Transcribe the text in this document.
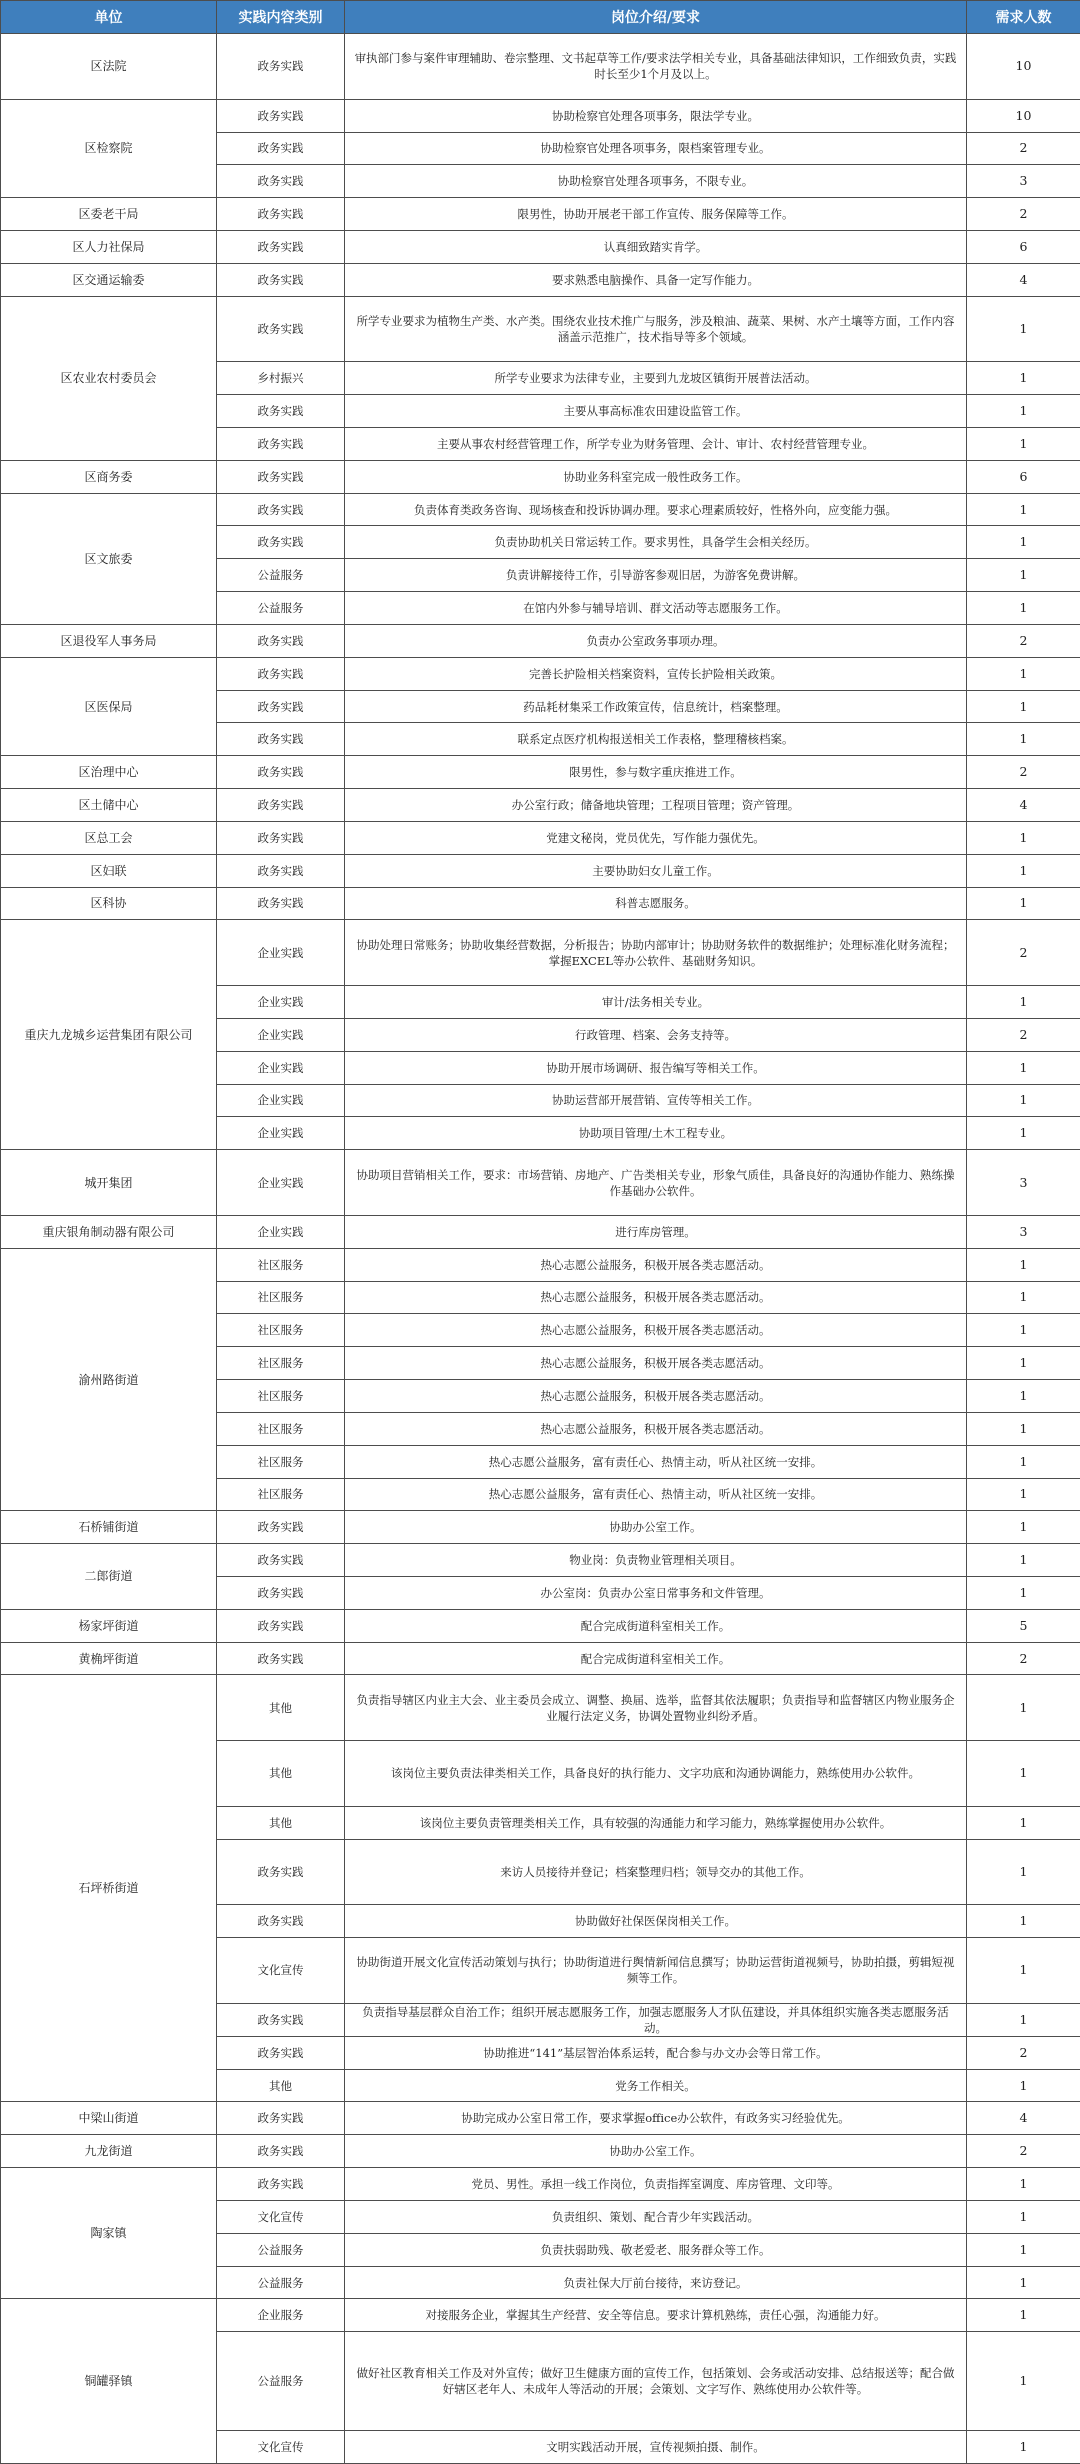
单位	实践内容类别	岗位介绍/要求	需求人数
区法院	政务实践	审执部门参与案件审理辅助、卷宗整理、文书起草等工作/要求法学相关专业，具备基础法律知识，工作细致负责，实践时长至少1个月及以上。	10
区检察院	政务实践	协助检察官处理各项事务，限法学专业。	10
	政务实践	协助检察官处理各项事务，限档案管理专业。	2
	政务实践	协助检察官处理各项事务，不限专业。	3
区委老干局	政务实践	限男性，协助开展老干部工作宣传、服务保障等工作。	2
区人力社保局	政务实践	认真细致踏实肯学。	6
区交通运输委	政务实践	要求熟悉电脑操作、具备一定写作能力。	4
区农业农村委员会	政务实践	所学专业要求为植物生产类、水产类。围绕农业技术推广与服务，涉及粮油、蔬菜、果树、水产土壤等方面，工作内容涵盖示范推广，技术指导等多个领域。	1
	乡村振兴	所学专业要求为法律专业，主要到九龙坡区镇街开展普法活动。	1
	政务实践	主要从事高标准农田建设监管工作。	1
	政务实践	主要从事农村经营管理工作，所学专业为财务管理、会计、审计、农村经营管理专业。	1
区商务委	政务实践	协助业务科室完成一般性政务工作。	6
区文旅委	政务实践	负责体育类政务咨询、现场核查和投诉协调办理。要求心理素质较好，性格外向，应变能力强。	1
	政务实践	负责协助机关日常运转工作。要求男性，具备学生会相关经历。	1
	公益服务	负责讲解接待工作，引导游客参观旧居，为游客免费讲解。	1
	公益服务	在馆内外参与辅导培训、群文活动等志愿服务工作。	1
区退役军人事务局	政务实践	负责办公室政务事项办理。	2
区医保局	政务实践	完善长护险相关档案资料，宣传长护险相关政策。	1
	政务实践	药品耗材集采工作政策宣传，信息统计，档案整理。	1
	政务实践	联系定点医疗机构报送相关工作表格，整理稽核档案。	1
区治理中心	政务实践	限男性，参与数字重庆推进工作。	2
区土储中心	政务实践	办公室行政；储备地块管理；工程项目管理；资产管理。	4
区总工会	政务实践	党建文秘岗，党员优先，写作能力强优先。	1
区妇联	政务实践	主要协助妇女儿童工作。	1
区科协	政务实践	科普志愿服务。	1
重庆九龙城乡运营集团有限公司	企业实践	协助处理日常账务；协助收集经营数据，分析报告；协助内部审计；协助财务软件的数据维护；处理标准化财务流程；掌握EXCEL等办公软件、基础财务知识。	2
	企业实践	审计/法务相关专业。	1
	企业实践	行政管理、档案、会务支持等。	2
	企业实践	协助开展市场调研、报告编写等相关工作。	1
	企业实践	协助运营部开展营销、宣传等相关工作。	1
	企业实践	协助项目管理/土木工程专业。	1
城开集团	企业实践	协助项目营销相关工作，要求：市场营销、房地产、广告类相关专业，形象气质佳，具备良好的沟通协作能力、熟练操作基础办公软件。	3
重庆银角制动器有限公司	企业实践	进行库房管理。	3
渝州路街道	社区服务	热心志愿公益服务，积极开展各类志愿活动。	1
	社区服务	热心志愿公益服务，积极开展各类志愿活动。	1
	社区服务	热心志愿公益服务，积极开展各类志愿活动。	1
	社区服务	热心志愿公益服务，积极开展各类志愿活动。	1
	社区服务	热心志愿公益服务，积极开展各类志愿活动。	1
	社区服务	热心志愿公益服务，积极开展各类志愿活动。	1
	社区服务	热心志愿公益服务，富有责任心、热情主动，听从社区统一安排。	1
	社区服务	热心志愿公益服务，富有责任心、热情主动，听从社区统一安排。	1
石桥铺街道	政务实践	协助办公室工作。	1
二郎街道	政务实践	物业岗：负责物业管理相关项目。	1
	政务实践	办公室岗：负责办公室日常事务和文件管理。	1
杨家坪街道	政务实践	配合完成街道科室相关工作。	5
黄桷坪街道	政务实践	配合完成街道科室相关工作。	2
石坪桥街道	其他	负责指导辖区内业主大会、业主委员会成立、调整、换届、选举，监督其依法履职；负责指导和监督辖区内物业服务企业履行法定义务，协调处置物业纠纷矛盾。	1
	其他	该岗位主要负责法律类相关工作，具备良好的执行能力、文字功底和沟通协调能力，熟练使用办公软件。	1
	其他	该岗位主要负责管理类相关工作，具有较强的沟通能力和学习能力，熟练掌握使用办公软件。	1
	政务实践	来访人员接待并登记；档案整理归档；领导交办的其他工作。	1
	政务实践	协助做好社保医保岗相关工作。	1
	文化宣传	协助街道开展文化宣传活动策划与执行；协助街道进行舆情新闻信息撰写；协助运营街道视频号，协助拍摄，剪辑短视频等工作。	1
	政务实践	负责指导基层群众自治工作；组织开展志愿服务工作，加强志愿服务人才队伍建设，并具体组织实施各类志愿服务活动。	1
	政务实践	协助推进“141”基层智治体系运转，配合参与办文办会等日常工作。	2
	其他	党务工作相关。	1
中梁山街道	政务实践	协助完成办公室日常工作，要求掌握office办公软件，有政务实习经验优先。	4
九龙街道	政务实践	协助办公室工作。	2
陶家镇	政务实践	党员、男性。承担一线工作岗位，负责指挥室调度、库房管理、文印等。	1
	文化宣传	负责组织、策划、配合青少年实践活动。	1
	公益服务	负责扶弱助残、敬老爱老、服务群众等工作。	1
	公益服务	负责社保大厅前台接待，来访登记。	1
铜罐驿镇	企业服务	对接服务企业，掌握其生产经营、安全等信息。要求计算机熟练，责任心强，沟通能力好。	1
	公益服务	做好社区教育相关工作及对外宣传；做好卫生健康方面的宣传工作，包括策划、会务或活动安排、总结报送等；配合做好辖区老年人、未成年人等活动的开展；会策划、文字写作、熟练使用办公软件等。	1
	文化宣传	文明实践活动开展，宣传视频拍摄、制作。	1
